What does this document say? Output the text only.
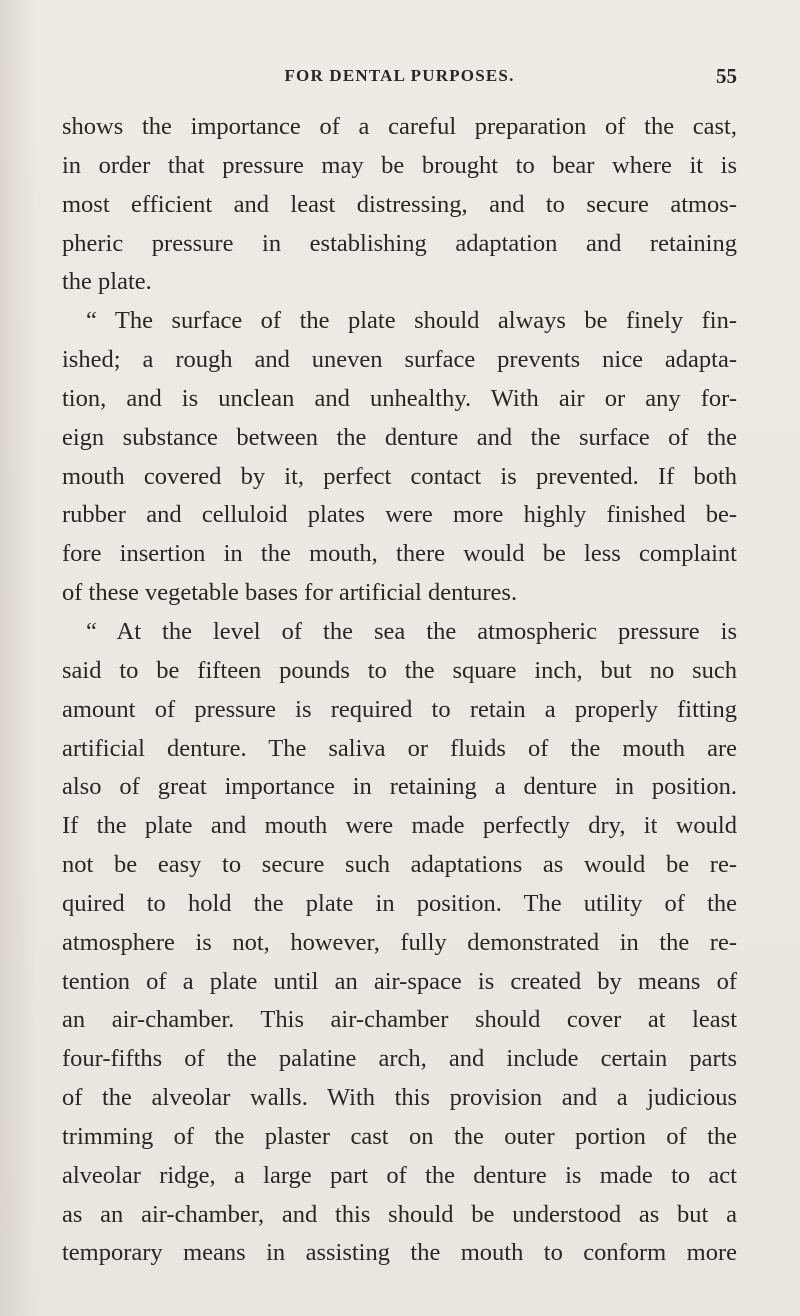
FOR DENTAL PURPOSES.	55
shows the importance of a careful preparation of the cast,
in order that pressure may be brought to bear where it is
most efficient and least distressing, and to secure atmos-
pheric pressure in establishing adaptation and retaining
the plate.
“ The surface of the plate should always be finely fin-
ished; a rough and uneven surface prevents nice adapta-
tion, and is unclean and unhealthy. With air or any for-
eign substance between the denture and the surface of the
mouth covered by it, perfect contact is prevented. If both
rubber and celluloid plates were more highly finished be-
fore insertion in the mouth, there would be less complaint
of these vegetable bases for artificial dentures.
“ At the level of the sea the atmospheric pressure is
said to be fifteen pounds to the square inch, but no such
amount of pressure is required to retain a properly fitting
artificial denture. The saliva or fluids of the mouth are
also of great importance in retaining a denture in position.
If the plate and mouth were made perfectly dry, it would
not be easy to secure such adaptations as would be re-
quired to hold the plate in position. The utility of the
atmosphere is not, however, fully demonstrated in the re-
tention of a plate until an air-space is created by means of
an air-chamber. This air-chamber should cover at least
four-fifths of the palatine arch, and include certain parts
of the alveolar walls. With this provision and a judicious
trimming of the plaster cast on the outer portion of the
alveolar ridge, a large part of the denture is made to act
as an air-chamber, and this should be understood as but a
temporary means in assisting the mouth to conform more
